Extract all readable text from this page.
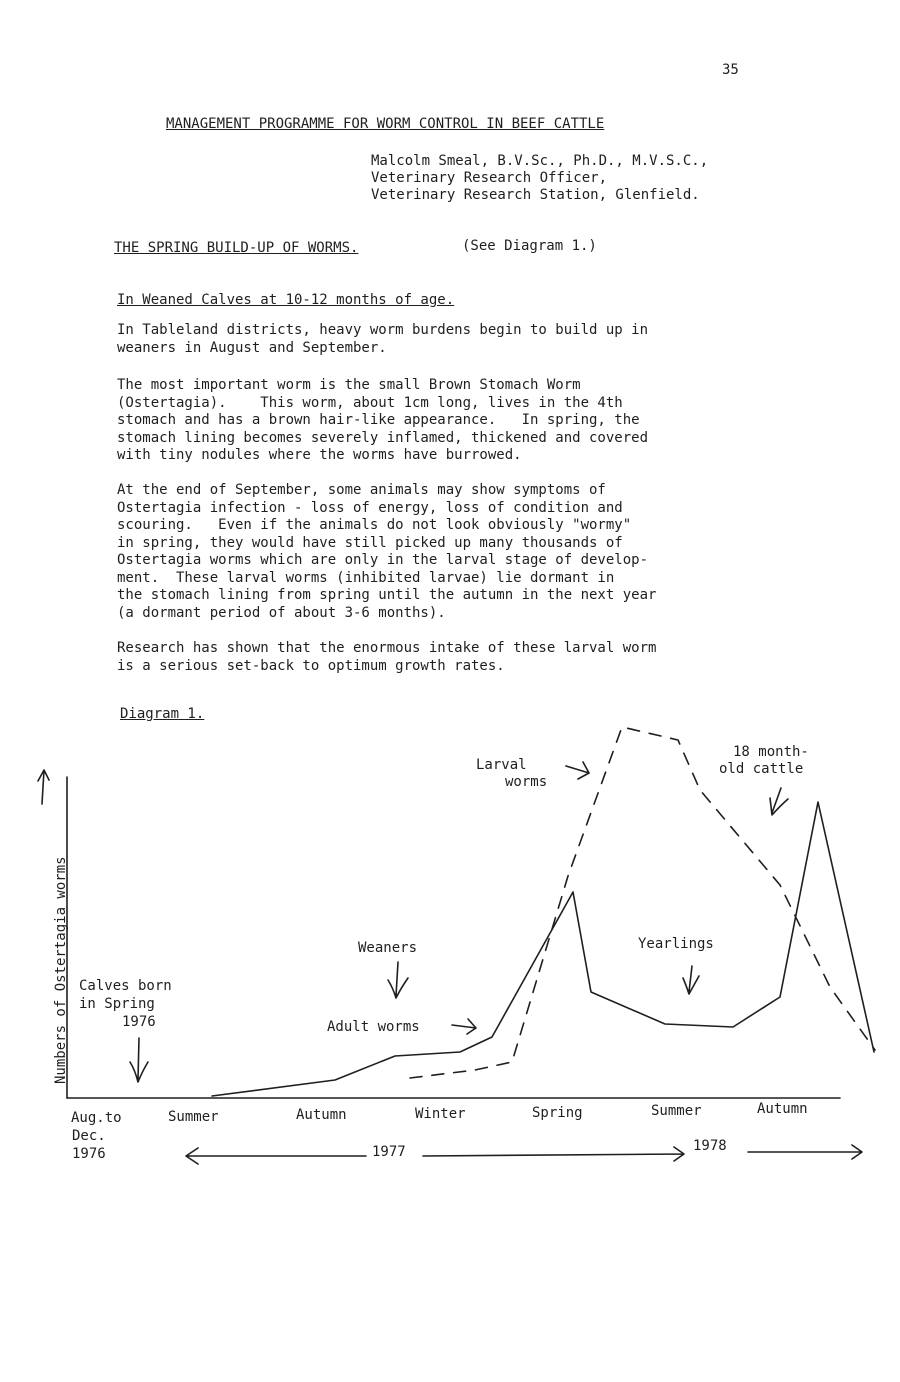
35
MANAGEMENT PROGRAMME FOR WORM CONTROL IN BEEF CATTLE
Malcolm Smeal, B.V.Sc., Ph.D., M.V.S.C.,
Veterinary Research Officer,
Veterinary Research Station, Glenfield.
THE SPRING BUILD-UP OF WORMS.	(See Diagram 1.)
In Weaned Calves at 10-12 months of age.
In Tableland districts, heavy worm burdens begin to build up in
weaners in August and September.
The most important worm is the small Brown Stomach Worm
(Ostertagia).    This worm, about 1cm long, lives in the 4th
stomach and has a brown hair-like appearance.   In spring, the
stomach lining becomes severely inflamed, thickened and covered
with tiny nodules where the worms have burrowed.
At the end of September, some animals may show symptoms of
Ostertagia infection - loss of energy, loss of condition and
scouring.   Even if the animals do not look obviously "wormy"
in spring, they would have still picked up many thousands of
Ostertagia worms which are only in the larval stage of develop-
ment.  These larval worms (inhibited larvae) lie dormant in
the stomach lining from spring until the autumn in the next year
(a dormant period of about 3-6 months).
Research has shown that the enormous intake of these larval worm
is a serious set-back to optimum growth rates.
Diagram 1.
Numbers of Ostertagia worms Calves born
in Spring
1976
Weaners
Adult worms
Larval
worms
Yearlings
18 month-
old cattle
Aug.to
Dec.
1976
Summer	Autumn	Winter	Spring	Summer	Autumn
1977	1978
